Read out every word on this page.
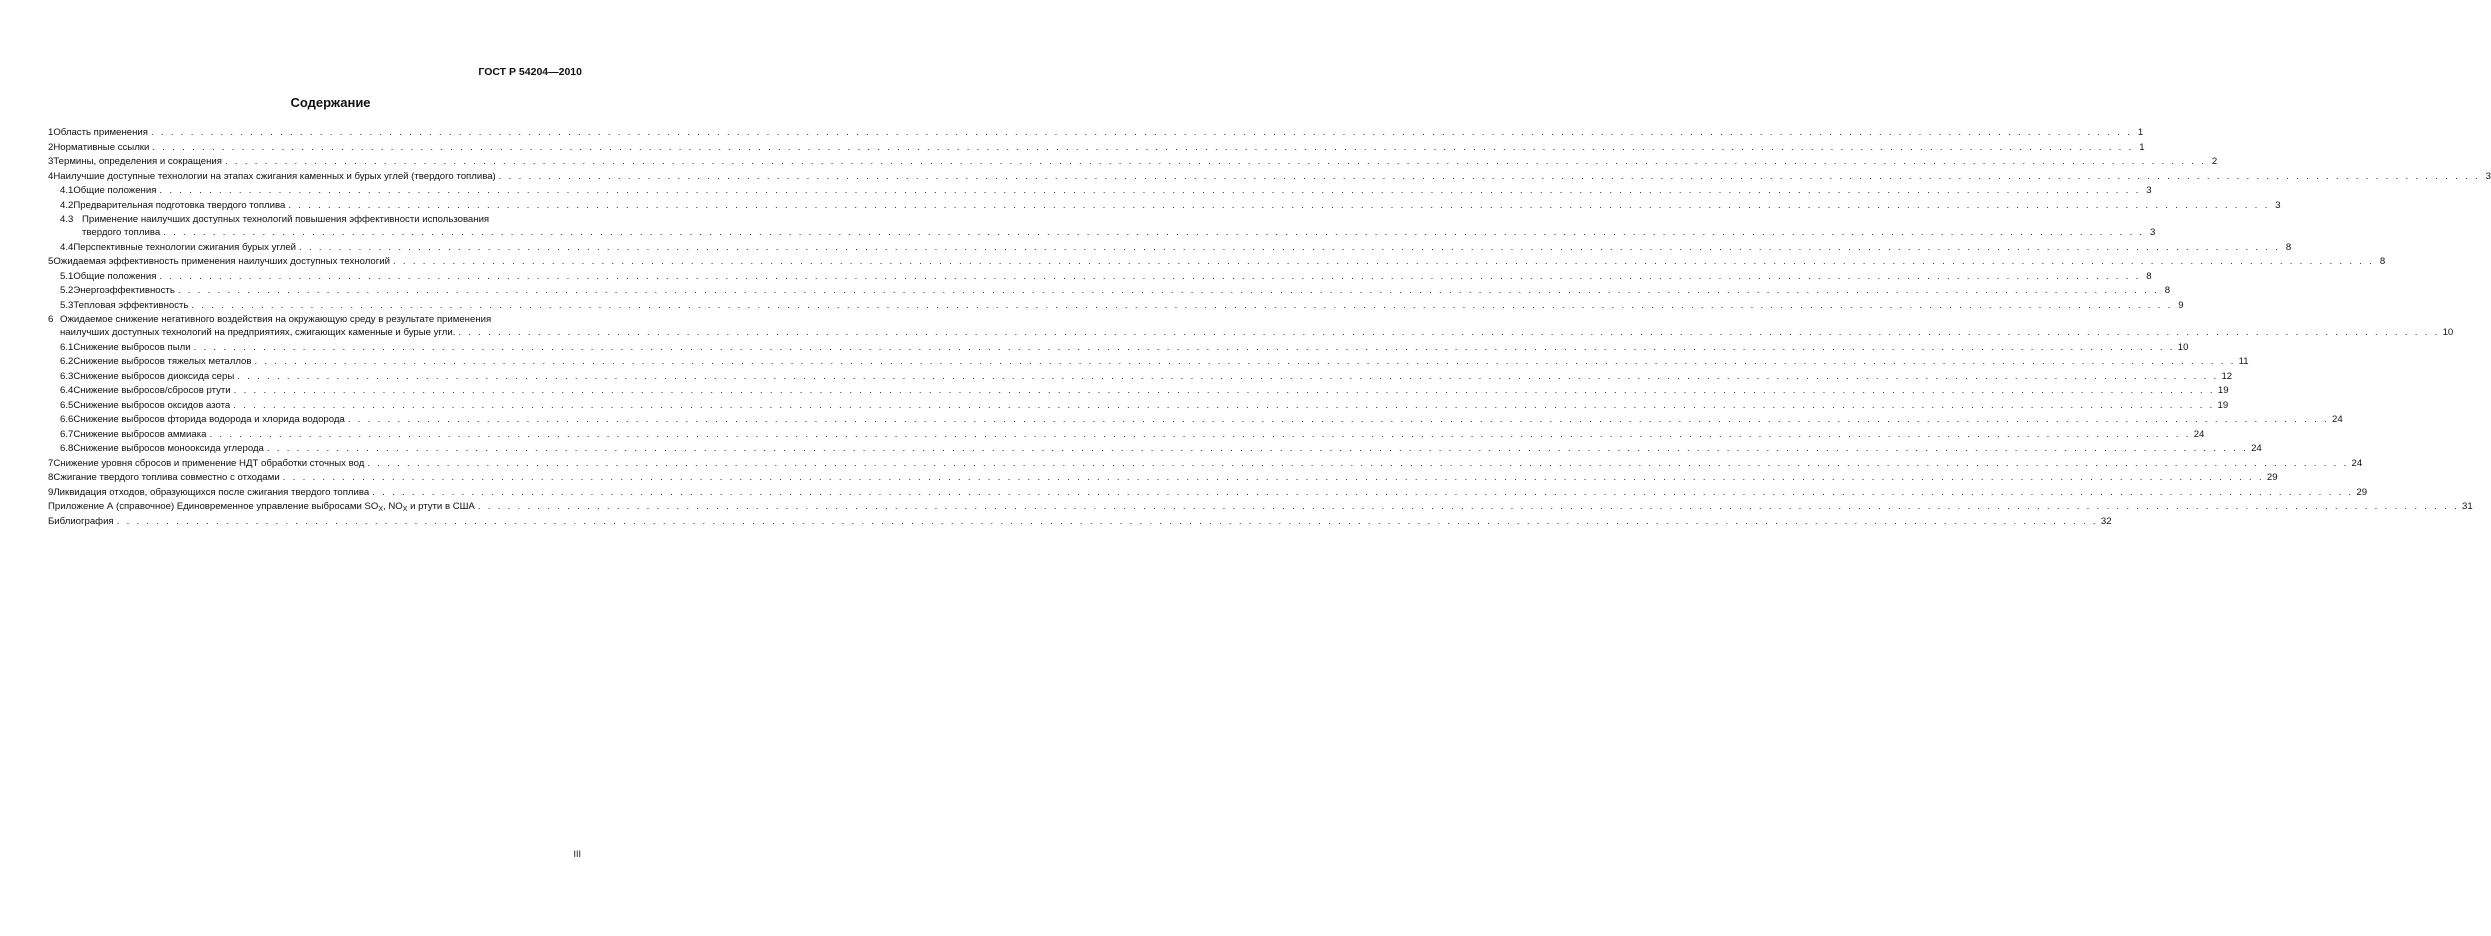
ГОСТ Р 54204—2010
Содержание
1 Область применения . . . . . . . . . . . . . . . . . . . . . . . . . . . . . . . . . . . . . . . . . . . . . . . . . . . . . . . . . . . . . . . . . . . . . . . . . . . . . . . . . . . . . . . . . . . . . . . . . . . . . . . . . . . . . . . . . . . . . . . . . . . . . . . . . . . . . . . . . . . . . . . . . . . . . . . . . . . . . . . . . . . . . . . . . . . . . . . . . . . . . . . . . . . . . . . . . . . . . . . . 1
2 Нормативные ссылки . . . . . . . . . . . . . . . . . . . . . . . . . . . . . . . . . . . . . . . . . . . . . . . . . . . . . . . . . . . . . . . . . . . . . . . . . . . . . . . . . . . . . . . . . . . . . . . . . . . . . . . . . . . . . . . . . . . . . . . . . . . . . . . . . . . . . . . . . . . . . . . . . . . . . . . . . . . . . . . . . . . . . . . . . . . . . . . . . . . . . . . . . . . . . . . . . . . . . . . . 1
3 Термины, определения и сокращения . . . . . . . . . . . . . . . . . . . . . . . . . . . . . . . . . . . . . . . . . . . . . . . . . . . . . . . . . . . . . . . . . . . . . . . . . . . . . . . . . . . . . . . . . . . . . . . . . . . . . . . . . . . . . . . . . . . . . . . . . . . . . . . . . . . . . . . . . . . . . . . . . . . . . . . . . . . . . . . . . . . . . . . . . . . . . . . . . . . . . . . . . . . . . . . . . . . . . . . . 2
4 Наилучшие доступные технологии на этапах сжигания каменных и бурых углей (твердого топлива) . . . . . . . . . . . . . . . . . . . . . . . . . . . . . . . . . . . . . . . . . . . . . . . . . . . . . . . . . . . . . . . . . . . . . . . . . . . . . . . . . . . . . . . . . . . . . . . . . . . . . . . . . . . . . . . . . . . . . . . . . . . . . . . . . . . . . . . . . . . . . . . . . . . . . . . . . . . . . . . . . . . . . . . . . . . . . . . . . . . . . . . . . . . . . . . . . . . . . . . . 3
4.1 Общие положения . . . . . . . . . . . . . . . . . . . . . . . . . . . . . . . . . . . . . . . . . . . . . . . . . . . . . . . . . . . . . . . . . . . . . . . . . . . . . . . . . . . . . . . . . . . . . . . . . . . . . . . . . . . . . . . . . . . . . . . . . . . . . . . . . . . . . . . . . . . . . . . . . . . . . . . . . . . . . . . . . . . . . . . . . . . . . . . . . . . . . . . . . . . . . . . . . . . . . . . . 3
4.2 Предварительная подготовка твердого топлива . . . . . . . . . . . . . . . . . . . . . . . . . . . . . . . . . . . . . . . . . . . . . . . . . . . . . . . . . . . . . . . . . . . . . . . . . . . . . . . . . . . . . . . . . . . . . . . . . . . . . . . . . . . . . . . . . . . . . . . . . . . . . . . . . . . . . . . . . . . . . . . . . . . . . . . . . . . . . . . . . . . . . . . . . . . . . . . . . . . . . . . . . . . . . . . . . . . . . . . . 3
4.3 Применение наилучших доступных технологий повышения эффективности использования
твердого топлива . . . . . . . . . . . . . . . . . . . . . . . . . . . . . . . . . . . . . . . . . . . . . . . . . . . . . . . . . . . . . . . . . . . . . . . . . . . . . . . . . . . . . . . . . . . . . . . . . . . . . . . . . . . . . . . . . . . . . . . . . . . . . . . . . . . . . . . . . . . . . . . . . . . . . . . . . . . . . . . . . . . . . . . . . . . . . . . . . . . . . . . . . . . . . . . . . . . . . . . . 3
4.4 Перспективные технологии сжигания бурых углей . . . . . . . . . . . . . . . . . . . . . . . . . . . . . . . . . . . . . . . . . . . . . . . . . . . . . . . . . . . . . . . . . . . . . . . . . . . . . . . . . . . . . . . . . . . . . . . . . . . . . . . . . . . . . . . . . . . . . . . . . . . . . . . . . . . . . . . . . . . . . . . . . . . . . . . . . . . . . . . . . . . . . . . . . . . . . . . . . . . . . . . . . . . . . . . . . . . . . . . . 8
5 Ожидаемая эффективность применения наилучших доступных технологий . . . . . . . . . . . . . . . . . . . . . . . . . . . . . . . . . . . . . . . . . . . . . . . . . . . . . . . . . . . . . . . . . . . . . . . . . . . . . . . . . . . . . . . . . . . . . . . . . . . . . . . . . . . . . . . . . . . . . . . . . . . . . . . . . . . . . . . . . . . . . . . . . . . . . . . . . . . . . . . . . . . . . . . . . . . . . . . . . . . . . . . . . . . . . . . . . . . . . . . . 8
5.1 Общие положения . . . . . . . . . . . . . . . . . . . . . . . . . . . . . . . . . . . . . . . . . . . . . . . . . . . . . . . . . . . . . . . . . . . . . . . . . . . . . . . . . . . . . . . . . . . . . . . . . . . . . . . . . . . . . . . . . . . . . . . . . . . . . . . . . . . . . . . . . . . . . . . . . . . . . . . . . . . . . . . . . . . . . . . . . . . . . . . . . . . . . . . . . . . . . . . . . . . . . . . . 8
5.2 Энергоэффективность . . . . . . . . . . . . . . . . . . . . . . . . . . . . . . . . . . . . . . . . . . . . . . . . . . . . . . . . . . . . . . . . . . . . . . . . . . . . . . . . . . . . . . . . . . . . . . . . . . . . . . . . . . . . . . . . . . . . . . . . . . . . . . . . . . . . . . . . . . . . . . . . . . . . . . . . . . . . . . . . . . . . . . . . . . . . . . . . . . . . . . . . . . . . . . . . . . . . . . . . 8
5.3 Тепловая эффективность . . . . . . . . . . . . . . . . . . . . . . . . . . . . . . . . . . . . . . . . . . . . . . . . . . . . . . . . . . . . . . . . . . . . . . . . . . . . . . . . . . . . . . . . . . . . . . . . . . . . . . . . . . . . . . . . . . . . . . . . . . . . . . . . . . . . . . . . . . . . . . . . . . . . . . . . . . . . . . . . . . . . . . . . . . . . . . . . . . . . . . . . . . . . . . . . . . . . . . . . 9
6 Ожидаемое снижение негативного воздействия на окружающую среду в результате применения
наилучших доступных технологий на предприятиях, сжигающих каменные и бурые угли. . . . . . . . . . . . . . . . . . . . . . . . . . . . . . . . . . . . . . . . . . . . . . . . . . . . . . . . . . . . . . . . . . . . . . . . . . . . . . . . . . . . . . . . . . . . . . . . . . . . . . . . . . . . . . . . . . . . . . . . . . . . . . . . . . . . . . . . . . . . . . . . . . . . . . . . . . . . . . . . . . . . . . . . . . . . . . . . . . . . . . . . . . . . . . . . . . . . . . . . . 10
6.1 Снижение выбросов пыли . . . . . . . . . . . . . . . . . . . . . . . . . . . . . . . . . . . . . . . . . . . . . . . . . . . . . . . . . . . . . . . . . . . . . . . . . . . . . . . . . . . . . . . . . . . . . . . . . . . . . . . . . . . . . . . . . . . . . . . . . . . . . . . . . . . . . . . . . . . . . . . . . . . . . . . . . . . . . . . . . . . . . . . . . . . . . . . . . . . . . . . . . . . . . . . . . . . . . . . . 10
6.2 Снижение выбросов тяжелых металлов . . . . . . . . . . . . . . . . . . . . . . . . . . . . . . . . . . . . . . . . . . . . . . . . . . . . . . . . . . . . . . . . . . . . . . . . . . . . . . . . . . . . . . . . . . . . . . . . . . . . . . . . . . . . . . . . . . . . . . . . . . . . . . . . . . . . . . . . . . . . . . . . . . . . . . . . . . . . . . . . . . . . . . . . . . . . . . . . . . . . . . . . . . . . . . . . . . . . . . . . 11
6.3 Снижение выбросов диоксида серы . . . . . . . . . . . . . . . . . . . . . . . . . . . . . . . . . . . . . . . . . . . . . . . . . . . . . . . . . . . . . . . . . . . . . . . . . . . . . . . . . . . . . . . . . . . . . . . . . . . . . . . . . . . . . . . . . . . . . . . . . . . . . . . . . . . . . . . . . . . . . . . . . . . . . . . . . . . . . . . . . . . . . . . . . . . . . . . . . . . . . . . . . . . . . . . . . . . . . . . . 12
6.4 Снижение выбросов/сбросов ртути . . . . . . . . . . . . . . . . . . . . . . . . . . . . . . . . . . . . . . . . . . . . . . . . . . . . . . . . . . . . . . . . . . . . . . . . . . . . . . . . . . . . . . . . . . . . . . . . . . . . . . . . . . . . . . . . . . . . . . . . . . . . . . . . . . . . . . . . . . . . . . . . . . . . . . . . . . . . . . . . . . . . . . . . . . . . . . . . . . . . . . . . . . . . . . . . . . . . . . . . 19
6.5 Снижение выбросов оксидов азота . . . . . . . . . . . . . . . . . . . . . . . . . . . . . . . . . . . . . . . . . . . . . . . . . . . . . . . . . . . . . . . . . . . . . . . . . . . . . . . . . . . . . . . . . . . . . . . . . . . . . . . . . . . . . . . . . . . . . . . . . . . . . . . . . . . . . . . . . . . . . . . . . . . . . . . . . . . . . . . . . . . . . . . . . . . . . . . . . . . . . . . . . . . . . . . . . . . . . . . . 19
6.6 Снижение выбросов фторида водорода и хлорида водорода . . . . . . . . . . . . . . . . . . . . . . . . . . . . . . . . . . . . . . . . . . . . . . . . . . . . . . . . . . . . . . . . . . . . . . . . . . . . . . . . . . . . . . . . . . . . . . . . . . . . . . . . . . . . . . . . . . . . . . . . . . . . . . . . . . . . . . . . . . . . . . . . . . . . . . . . . . . . . . . . . . . . . . . . . . . . . . . . . . . . . . . . . . . . . . . . . . . . . . . . 24
6.7 Снижение выбросов аммиака . . . . . . . . . . . . . . . . . . . . . . . . . . . . . . . . . . . . . . . . . . . . . . . . . . . . . . . . . . . . . . . . . . . . . . . . . . . . . . . . . . . . . . . . . . . . . . . . . . . . . . . . . . . . . . . . . . . . . . . . . . . . . . . . . . . . . . . . . . . . . . . . . . . . . . . . . . . . . . . . . . . . . . . . . . . . . . . . . . . . . . . . . . . . . . . . . . . . . . . . 24
6.8 Снижение выбросов монооксида углерода . . . . . . . . . . . . . . . . . . . . . . . . . . . . . . . . . . . . . . . . . . . . . . . . . . . . . . . . . . . . . . . . . . . . . . . . . . . . . . . . . . . . . . . . . . . . . . . . . . . . . . . . . . . . . . . . . . . . . . . . . . . . . . . . . . . . . . . . . . . . . . . . . . . . . . . . . . . . . . . . . . . . . . . . . . . . . . . . . . . . . . . . . . . . . . . . . . . . . . . . 24
7 Снижение уровня сбросов и применение НДТ обработки сточных вод . . . . . . . . . . . . . . . . . . . . . . . . . . . . . . . . . . . . . . . . . . . . . . . . . . . . . . . . . . . . . . . . . . . . . . . . . . . . . . . . . . . . . . . . . . . . . . . . . . . . . . . . . . . . . . . . . . . . . . . . . . . . . . . . . . . . . . . . . . . . . . . . . . . . . . . . . . . . . . . . . . . . . . . . . . . . . . . . . . . . . . . . . . . . . . . . . . . . . . . . 24
8 Сжигание твердого топлива совместно с отходами . . . . . . . . . . . . . . . . . . . . . . . . . . . . . . . . . . . . . . . . . . . . . . . . . . . . . . . . . . . . . . . . . . . . . . . . . . . . . . . . . . . . . . . . . . . . . . . . . . . . . . . . . . . . . . . . . . . . . . . . . . . . . . . . . . . . . . . . . . . . . . . . . . . . . . . . . . . . . . . . . . . . . . . . . . . . . . . . . . . . . . . . . . . . . . . . . . . . . . . . 29
9 Ликвидация отходов, образующихся после сжигания твердого топлива . . . . . . . . . . . . . . . . . . . . . . . . . . . . . . . . . . . . . . . . . . . . . . . . . . . . . . . . . . . . . . . . . . . . . . . . . . . . . . . . . . . . . . . . . . . . . . . . . . . . . . . . . . . . . . . . . . . . . . . . . . . . . . . . . . . . . . . . . . . . . . . . . . . . . . . . . . . . . . . . . . . . . . . . . . . . . . . . . . . . . . . . . . . . . . . . . . . . . . . . 29
Приложение А (справочное) Единовременное управление выбросами $SO_X$, $NO_X$ и ртути в США . . . . . . . . . . . . . . . . . . . . . . . . . . . . . . . . . . . . . . . . . . . . . . . . . . . . . . . . . . . . . . . . . . . . . . . . . . . . . . . . . . . . . . . . . . . . . . . . . . . . . . . . . . . . . . . . . . . . . . . . . . . . . . . . . . . . . . . . . . . . . . . . . . . . . . . . . . . . . . . . . . . . . . . . . . . . . . . . . . . . . . . . . . . . . . . . . . . . . . . . 31
Библиография . . . . . . . . . . . . . . . . . . . . . . . . . . . . . . . . . . . . . . . . . . . . . . . . . . . . . . . . . . . . . . . . . . . . . . . . . . . . . . . . . . . . . . . . . . . . . . . . . . . . . . . . . . . . . . . . . . . . . . . . . . . . . . . . . . . . . . . . . . . . . . . . . . . . . . . . . . . . . . . . . . . . . . . . . . . . . . . . . . . . . . . . . . . . . . . . . . . . . . . . 32
III
